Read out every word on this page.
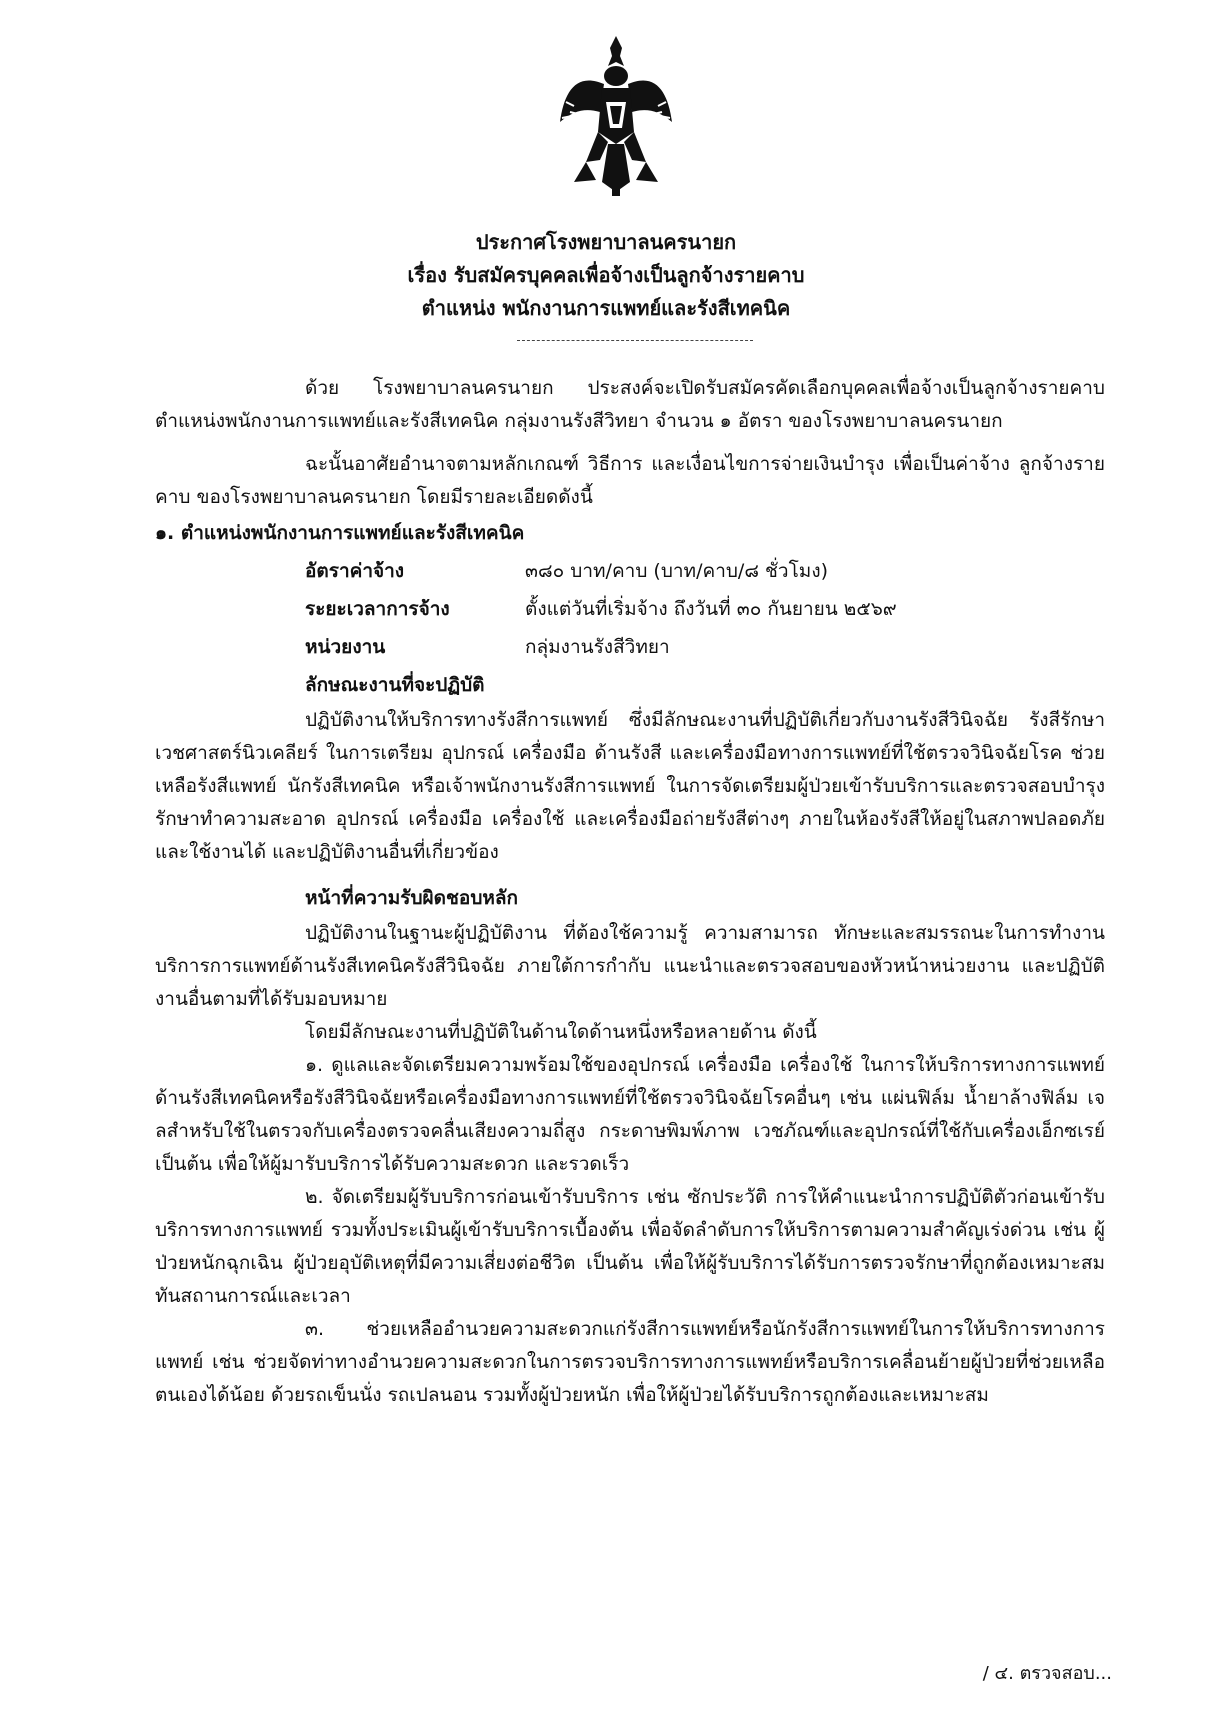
ประกาศโรงพยาบาลนครนายก
เรื่อง รับสมัครบุคคลเพื่อจ้างเป็นลูกจ้างรายคาบ
ตำแหน่ง พนักงานการแพทย์และรังสีเทคนิค

ด้วย โรงพยาบาลนครนายก ประสงค์จะเปิดรับสมัครคัดเลือกบุคคลเพื่อจ้างเป็นลูกจ้างรายคาบ ตำแหน่งพนักงานการแพทย์และรังสีเทคนิค กลุ่มงานรังสีวิทยา จำนวน ๑ อัตรา ของโรงพยาบาลนครนายก

ฉะนั้นอาศัยอำนาจตามหลักเกณฑ์ วิธีการ และเงื่อนไขการจ่ายเงินบำรุง เพื่อเป็นค่าจ้าง ลูกจ้างรายคาบ ของโรงพยาบาลนครนายก โดยมีรายละเอียดดังนี้

๑. ตำแหน่งพนักงานการแพทย์และรังสีเทคนิค
อัตราค่าจ้าง	๓๘๐ บาท/คาบ (บาท/คาบ/๘ ชั่วโมง)
ระยะเวลาการจ้าง	ตั้งแต่วันที่เริ่มจ้าง ถึงวันที่ ๓๐ กันยายน ๒๕๖๙
หน่วยงาน	กลุ่มงานรังสีวิทยา
ลักษณะงานที่จะปฏิบัติ

ปฏิบัติงานให้บริการทางรังสีการแพทย์ ซึ่งมีลักษณะงานที่ปฏิบัติเกี่ยวกับงานรังสีวินิจฉัย รังสีรักษาเวชศาสตร์นิวเคลียร์ ในการเตรียม อุปกรณ์ เครื่องมือ ด้านรังสี และเครื่องมือทางการแพทย์ที่ใช้ตรวจวินิจฉัยโรค ช่วยเหลือรังสีแพทย์ นักรังสีเทคนิค หรือเจ้าพนักงานรังสีการแพทย์ ในการจัดเตรียมผู้ป่วยเข้ารับบริการและตรวจสอบบำรุงรักษาทำความสะอาด อุปกรณ์ เครื่องมือ เครื่องใช้ และเครื่องมือถ่ายรังสีต่างๆ ภายในห้องรังสีให้อยู่ในสภาพปลอดภัยและใช้งานได้ และปฏิบัติงานอื่นที่เกี่ยวข้อง

หน้าที่ความรับผิดชอบหลัก

ปฏิบัติงานในฐานะผู้ปฏิบัติงาน ที่ต้องใช้ความรู้ ความสามารถ ทักษะและสมรรถนะในการทำงานบริการการแพทย์ด้านรังสีเทคนิครังสีวินิจฉัย ภายใต้การกำกับ แนะนำและตรวจสอบของหัวหน้าหน่วยงาน และปฏิบัติงานอื่นตามที่ได้รับมอบหมาย

โดยมีลักษณะงานที่ปฏิบัติในด้านใดด้านหนึ่งหรือหลายด้าน ดังนี้

๑. ดูแลและจัดเตรียมความพร้อมใช้ของอุปกรณ์ เครื่องมือ เครื่องใช้ ในการให้บริการทางการแพทย์ ด้านรังสีเทคนิคหรือรังสีวินิจฉัยหรือเครื่องมือทางการแพทย์ที่ใช้ตรวจวินิจฉัยโรคอื่นๆ เช่น แผ่นฟิล์ม น้ำยาล้างฟิล์ม เจลสำหรับใช้ในตรวจกับเครื่องตรวจคลื่นเสียงความถี่สูง กระดาษพิมพ์ภาพ เวชภัณฑ์และอุปกรณ์ที่ใช้กับเครื่องเอ็กซเรย์ เป็นต้น เพื่อให้ผู้มารับบริการได้รับความสะดวก และรวดเร็ว

๒. จัดเตรียมผู้รับบริการก่อนเข้ารับบริการ เช่น ซักประวัติ การให้คำแนะนำการปฏิบัติตัวก่อนเข้ารับบริการทางการแพทย์ รวมทั้งประเมินผู้เข้ารับบริการเบื้องต้น เพื่อจัดลำดับการให้บริการตามความสำคัญเร่งด่วน เช่น ผู้ป่วยหนักฉุกเฉิน ผู้ป่วยอุบัติเหตุที่มีความเสี่ยงต่อชีวิต เป็นต้น เพื่อให้ผู้รับบริการได้รับการตรวจรักษาที่ถูกต้องเหมาะสม ทันสถานการณ์และเวลา

๓. ช่วยเหลืออำนวยความสะดวกแก่รังสีการแพทย์หรือนักรังสีการแพทย์ในการให้บริการทางการแพทย์ เช่น ช่วยจัดท่าทางอำนวยความสะดวกในการตรวจบริการทางการแพทย์หรือบริการเคลื่อนย้ายผู้ป่วยที่ช่วยเหลือตนเองได้น้อย ด้วยรถเข็นนั่ง รถเปลนอน รวมทั้งผู้ป่วยหนัก เพื่อให้ผู้ป่วยได้รับบริการถูกต้องและเหมาะสม

/ ๔. ตรวจสอบ...
